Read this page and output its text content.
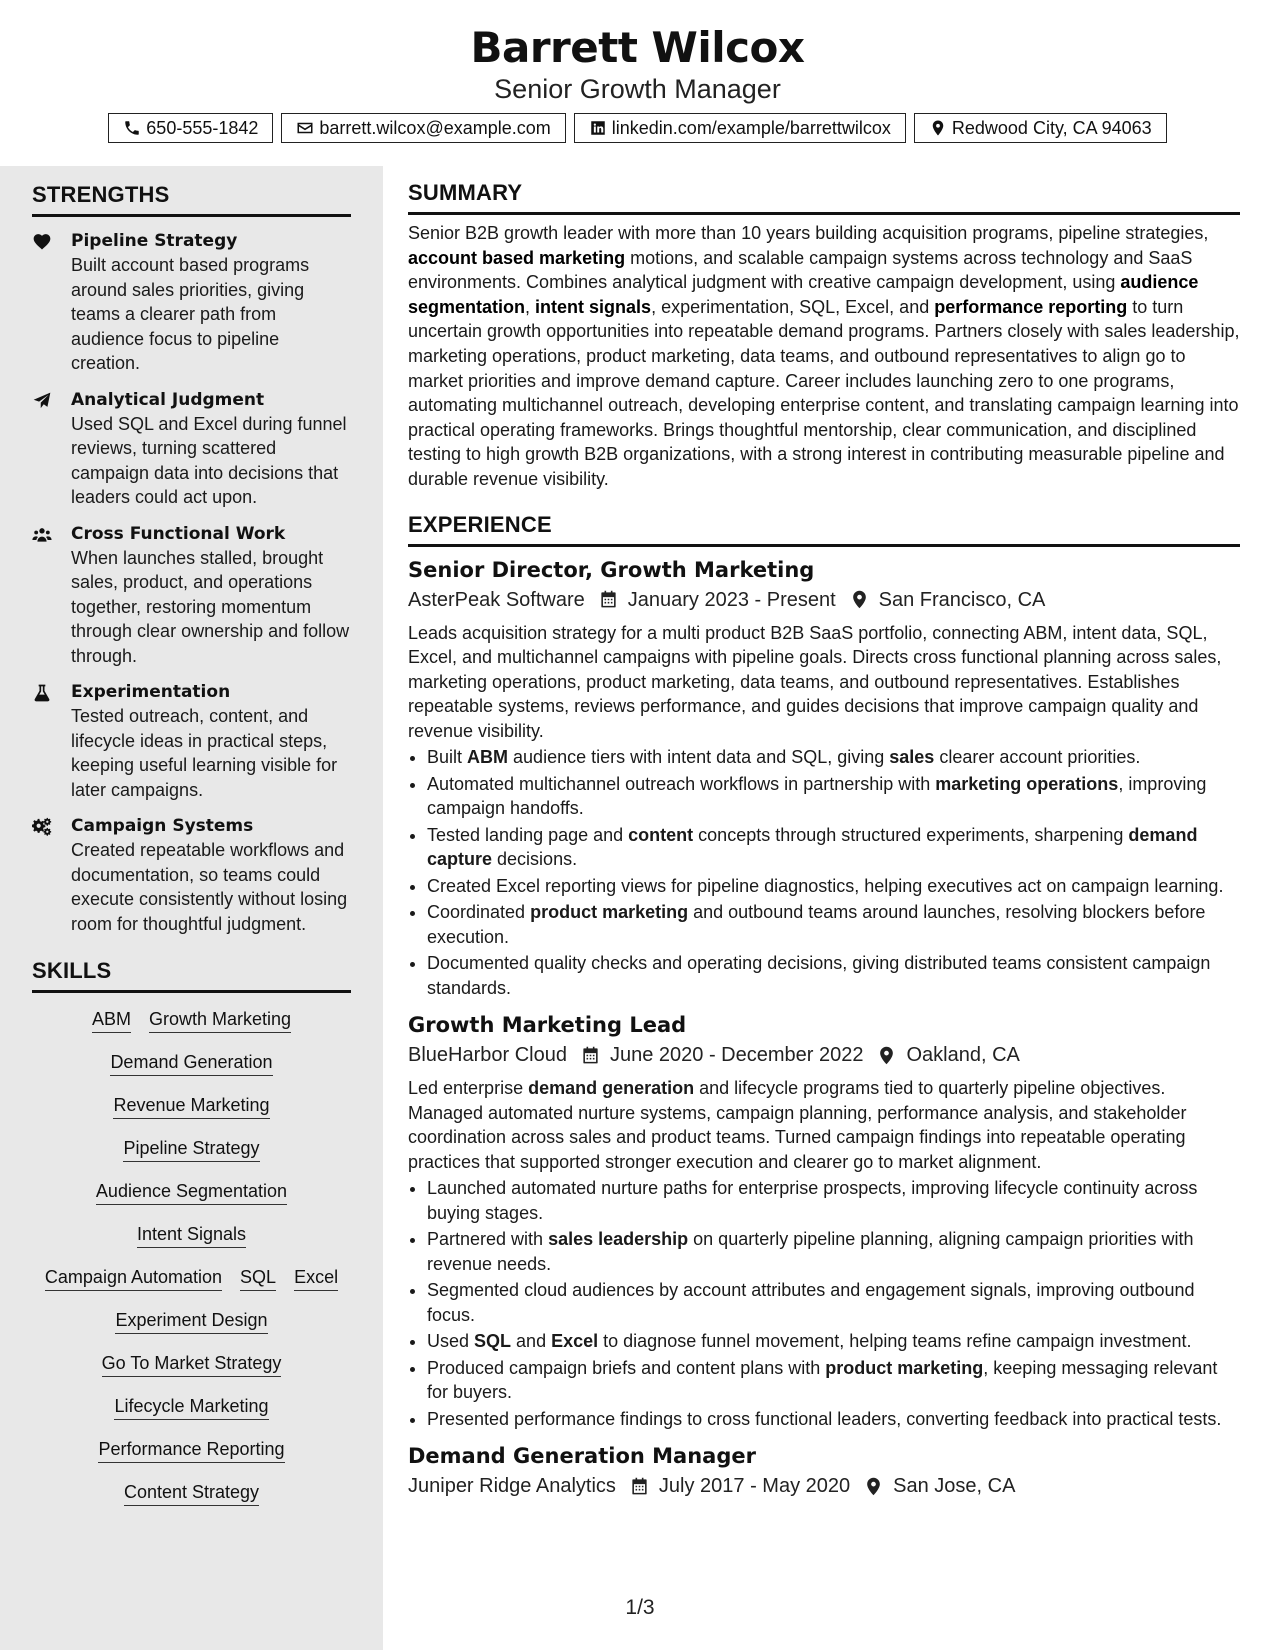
Barrett Wilcox
Senior Growth Manager
650-555-1842	barrett.wilcox@example.com	linkedin.com/example/barrettwilcox	Redwood City, CA 94063
STRENGTHS
Pipeline Strategy
Built account based programs around sales priorities, giving teams a clearer path from audience focus to pipeline creation.
Analytical Judgment
Used SQL and Excel during funnel reviews, turning scattered campaign data into decisions that leaders could act upon.
Cross Functional Work
When launches stalled, brought sales, product, and operations together, restoring momentum through clear ownership and follow through.
Experimentation
Tested outreach, content, and lifecycle ideas in practical steps, keeping useful learning visible for later campaigns.
Campaign Systems
Created repeatable workflows and documentation, so teams could execute consistently without losing room for thoughtful judgment.
SKILLS
ABM Growth Marketing
Demand Generation
Revenue Marketing
Pipeline Strategy
Audience Segmentation
Intent Signals
Campaign Automation SQL Excel
Experiment Design
Go To Market Strategy
Lifecycle Marketing
Performance Reporting
Content Strategy
SUMMARY
Senior B2B growth leader with more than 10 years building acquisition programs, pipeline strategies, account based marketing motions, and scalable campaign systems across technology and SaaS environments. Combines analytical judgment with creative campaign development, using audience segmentation, intent signals, experimentation, SQL, Excel, and performance reporting to turn uncertain growth opportunities into repeatable demand programs. Partners closely with sales leadership, marketing operations, product marketing, data teams, and outbound representatives to align go to market priorities and improve demand capture. Career includes launching zero to one programs, automating multichannel outreach, developing enterprise content, and translating campaign learning into practical operating frameworks. Brings thoughtful mentorship, clear communication, and disciplined testing to high growth B2B organizations, with a strong interest in contributing measurable pipeline and durable revenue visibility.
EXPERIENCE
Senior Director, Growth Marketing
AsterPeak Software January 2023 - Present San Francisco, CA
Leads acquisition strategy for a multi product B2B SaaS portfolio, connecting ABM, intent data, SQL, Excel, and multichannel campaigns with pipeline goals. Directs cross functional planning across sales, marketing operations, product marketing, data teams, and outbound representatives. Establishes repeatable systems, reviews performance, and guides decisions that improve campaign quality and revenue visibility.
• Built ABM audience tiers with intent data and SQL, giving sales clearer account priorities.
• Automated multichannel outreach workflows in partnership with marketing operations, improving campaign handoffs.
• Tested landing page and content concepts through structured experiments, sharpening demand capture decisions.
• Created Excel reporting views for pipeline diagnostics, helping executives act on campaign learning.
• Coordinated product marketing and outbound teams around launches, resolving blockers before execution.
• Documented quality checks and operating decisions, giving distributed teams consistent campaign standards.
Growth Marketing Lead
BlueHarbor Cloud June 2020 - December 2022 Oakland, CA
Led enterprise demand generation and lifecycle programs tied to quarterly pipeline objectives. Managed automated nurture systems, campaign planning, performance analysis, and stakeholder coordination across sales and product teams. Turned campaign findings into repeatable operating practices that supported stronger execution and clearer go to market alignment.
• Launched automated nurture paths for enterprise prospects, improving lifecycle continuity across buying stages.
• Partnered with sales leadership on quarterly pipeline planning, aligning campaign priorities with revenue needs.
• Segmented cloud audiences by account attributes and engagement signals, improving outbound focus.
• Used SQL and Excel to diagnose funnel movement, helping teams refine campaign investment.
• Produced campaign briefs and content plans with product marketing, keeping messaging relevant for buyers.
• Presented performance findings to cross functional leaders, converting feedback into practical tests.
Demand Generation Manager
Juniper Ridge Analytics July 2017 - May 2020 San Jose, CA
1/3
